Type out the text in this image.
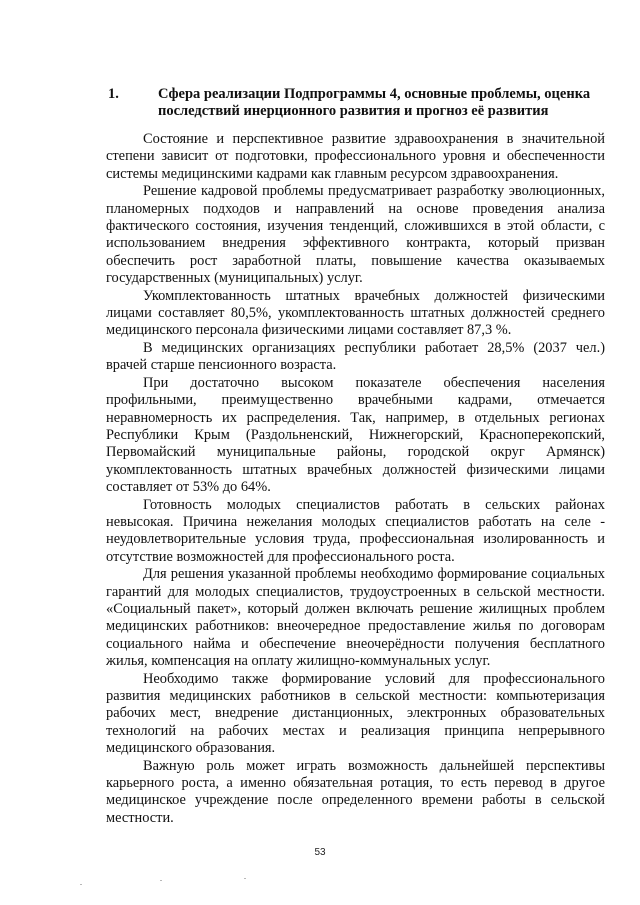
1.	Сфера реализации Подпрограммы 4, основные проблемы, оценка последствий инерционного развития и прогноз её развития

Состояние и перспективное развитие здравоохранения в значительной степени зависит от подготовки, профессионального уровня и обеспеченности системы медицинскими кадрами как главным ресурсом здравоохранения.

Решение кадровой проблемы предусматривает разработку эволюционных, планомерных подходов и направлений на основе проведения анализа фактического состояния, изучения тенденций, сложившихся в этой области, с использованием внедрения эффективного контракта, который призван обеспечить рост заработной платы, повышение качества оказываемых государственных (муниципальных) услуг.

Укомплектованность штатных врачебных должностей физическими лицами составляет 80,5%, укомплектованность штатных должностей среднего медицинского персонала физическими лицами составляет 87,3 %.

В медицинских организациях республики работает 28,5% (2037 чел.) врачей старше пенсионного возраста.

При достаточно высоком показателе обеспечения населения профильными, преимущественно врачебными кадрами, отмечается неравномерность их распределения. Так, например, в отдельных регионах Республики Крым (Раздольненский, Нижнегорский, Красноперекопский, Первомайский муниципальные районы, городской округ Армянск) укомплектованность штатных врачебных должностей физическими лицами составляет от 53% до 64%.

Готовность молодых специалистов работать в сельских районах невысокая. Причина нежелания молодых специалистов работать на селе - неудовлетворительные условия труда, профессиональная изолированность и отсутствие возможностей для профессионального роста.

Для решения указанной проблемы необходимо формирование социальных гарантий для молодых специалистов, трудоустроенных в сельской местности. «Социальный пакет», который должен включать решение жилищных проблем медицинских работников: внеочередное предоставление жилья по договорам социального найма и обеспечение внеочерёдности получения бесплатного жилья, компенсация на оплату жилищно-коммунальных услуг.

Необходимо также формирование условий для профессионального развития медицинских работников в сельской местности: компьютеризация рабочих мест, внедрение дистанционных, электронных образовательных технологий на рабочих местах и реализация принципа непрерывного медицинского образования.

Важную роль может играть возможность дальнейшей перспективы карьерного роста, а именно обязательная ротация, то есть перевод в другое медицинское учреждение после определенного времени работы в сельской местности.

53
